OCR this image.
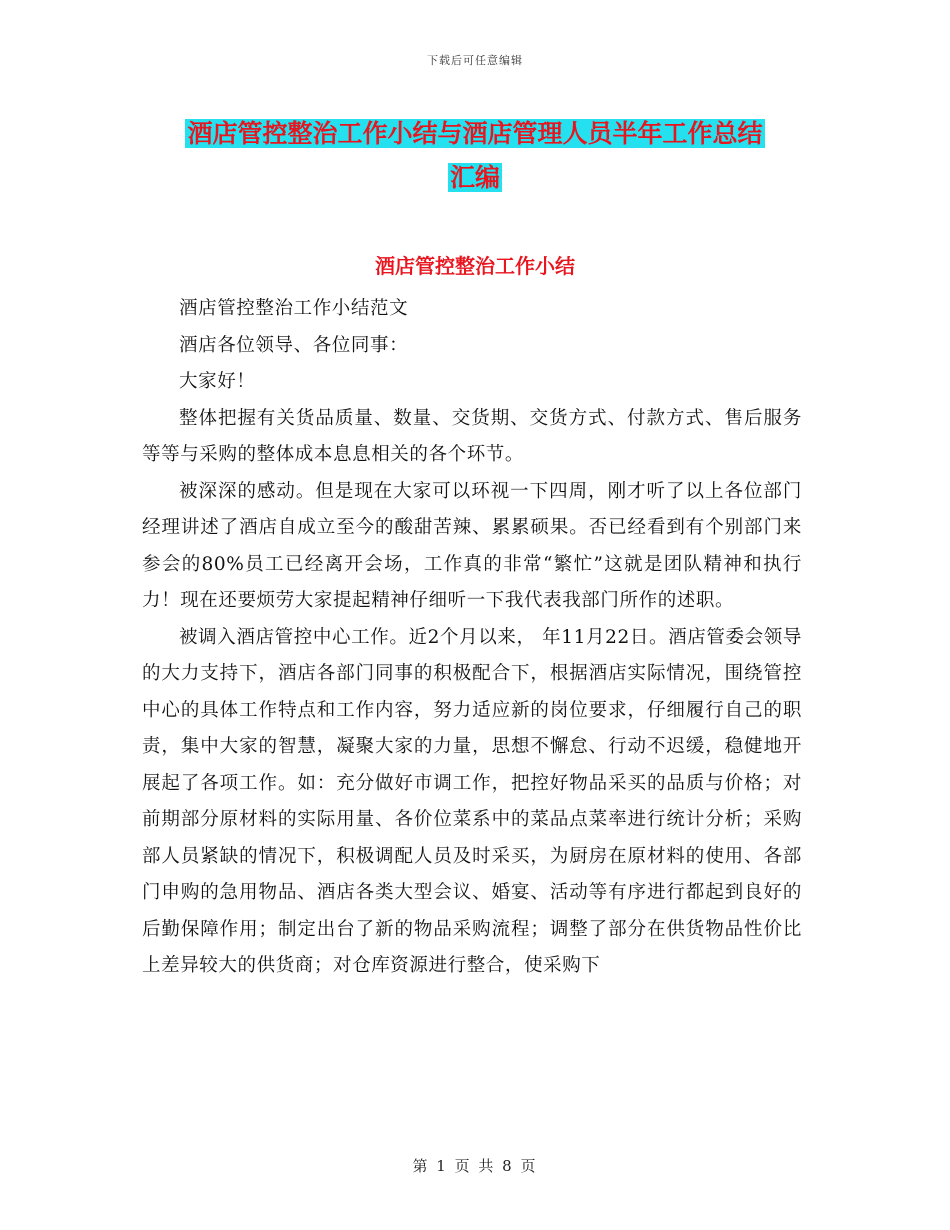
下载后可任意编辑
酒店管控整治工作小结与酒店管理人员半年工作总结
汇编
酒店管控整治工作小结

酒店管控整治工作小结范文

酒店各位领导、各位同事：

大家好！

整体把握有关货品质量、数量、交货期、交货方式、付款方式、售后服务等等与采购的整体成本息息相关的各个环节。

被深深的感动。但是现在大家可以环视一下四周，刚才听了以上各位部门经理讲述了酒店自成立至今的酸甜苦辣、累累硕果。否已经看到有个别部门来参会的80%员工已经离开会场，工作真的非常“繁忙”这就是团队精神和执行力！现在还要烦劳大家提起精神仔细听一下我代表我部门所作的述职。

被调入酒店管控中心工作。近2个月以来， 年11月22日。酒店管委会领导的大力支持下，酒店各部门同事的积极配合下，根据酒店实际情况，围绕管控中心的具体工作特点和工作内容，努力适应新的岗位要求，仔细履行自己的职责，集中大家的智慧，凝聚大家的力量，思想不懈怠、行动不迟缓，稳健地开展起了各项工作。如：充分做好市调工作，把控好物品采买的品质与价格；对前期部分原材料的实际用量、各价位菜系中的菜品点菜率进行统计分析；采购部人员紧缺的情况下，积极调配人员及时采买，为厨房在原材料的使用、各部门申购的急用物品、酒店各类大型会议、婚宴、活动等有序进行都起到良好的后勤保障作用；制定出台了新的物品采购流程；调整了部分在供货物品性价比上差异较大的供货商；对仓库资源进行整合，使采购下

第 1 页 共 8 页
